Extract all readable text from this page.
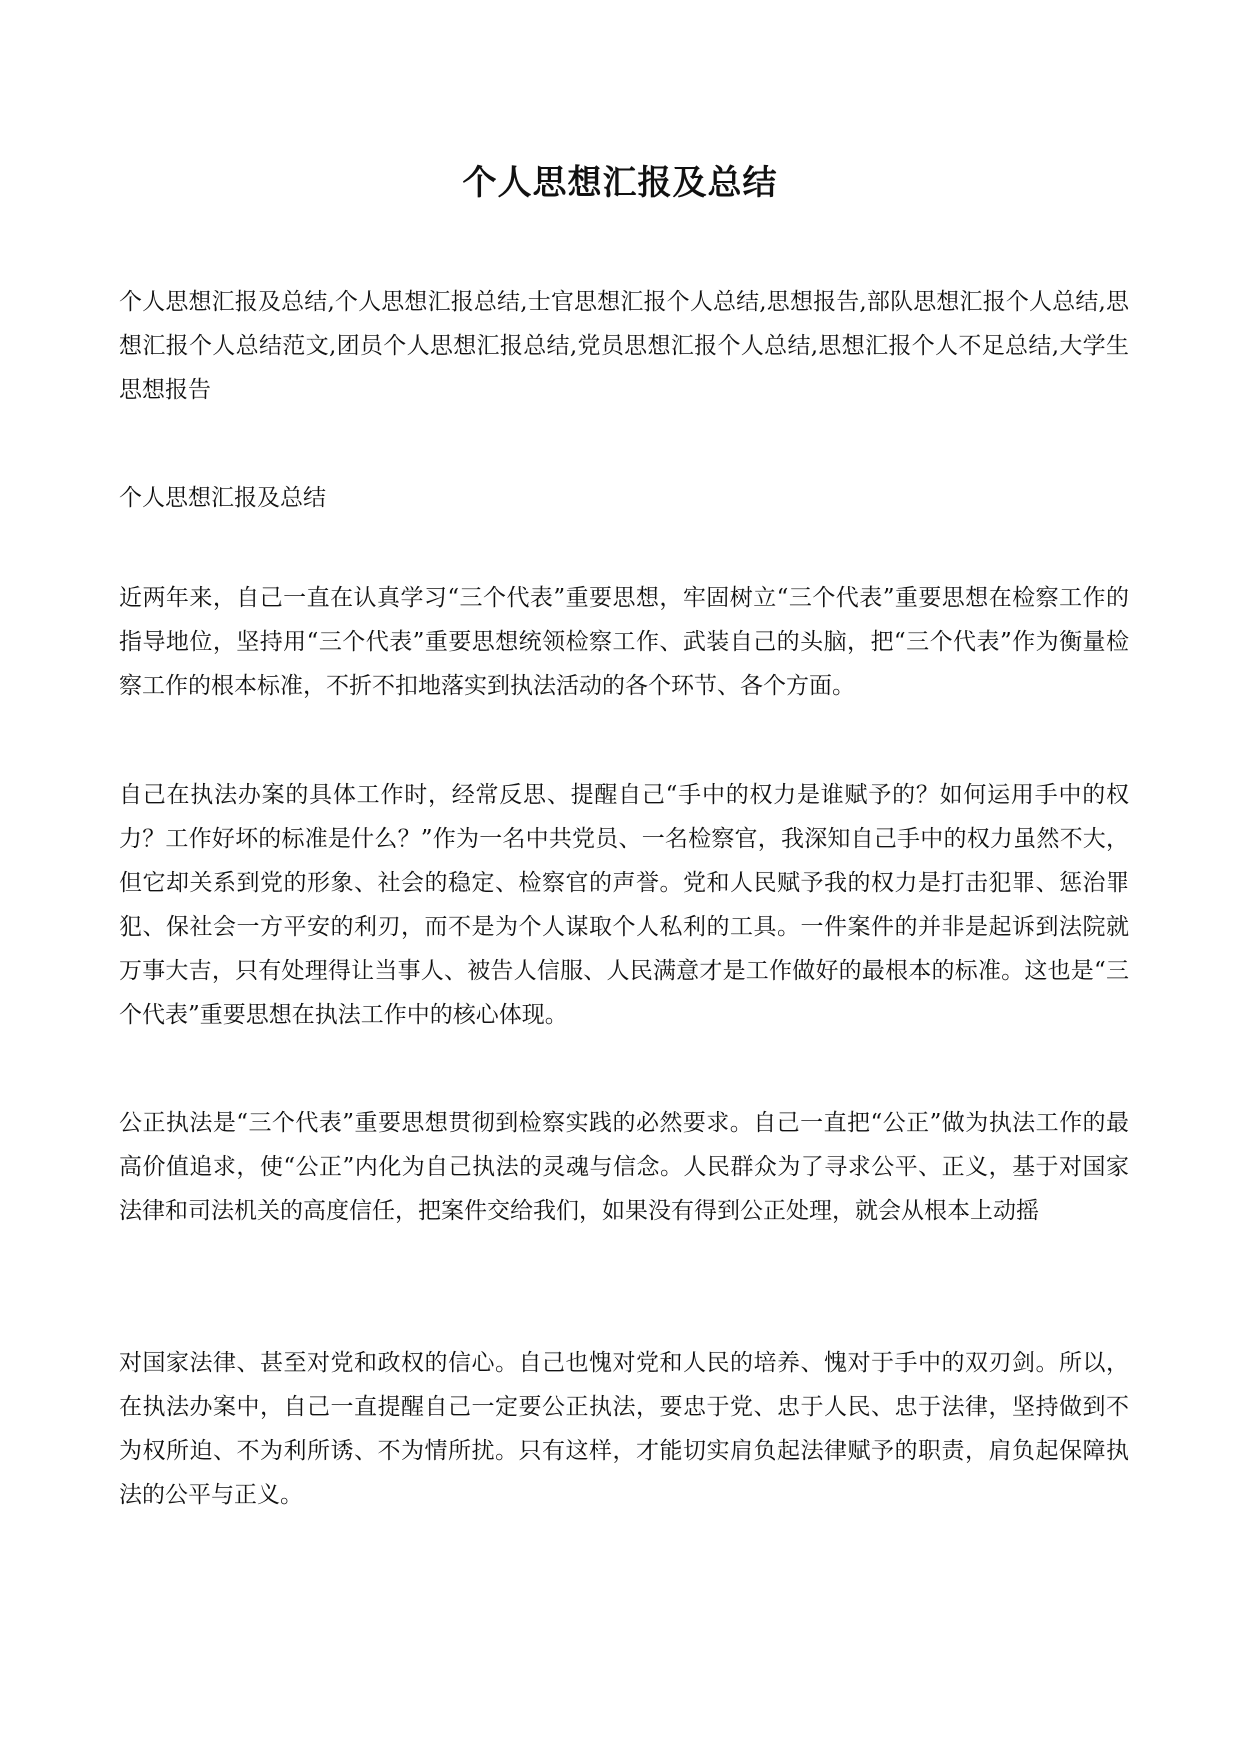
个人思想汇报及总结

个人思想汇报及总结,个人思想汇报总结,士官思想汇报个人总结,思想报告,部队思想汇报个人总结,思想汇报个人总结范文,团员个人思想汇报总结,党员思想汇报个人总结,思想汇报个人不足总结,大学生思想报告

个人思想汇报及总结

近两年来，自己一直在认真学习“三个代表”重要思想，牢固树立“三个代表”重要思想在检察工作的指导地位，坚持用“三个代表”重要思想统领检察工作、武装自己的头脑，把“三个代表”作为衡量检察工作的根本标准，不折不扣地落实到执法活动的各个环节、各个方面。

自己在执法办案的具体工作时，经常反思、提醒自己“手中的权力是谁赋予的？如何运用手中的权力？工作好坏的标准是什么？”作为一名中共党员、一名检察官，我深知自己手中的权力虽然不大，但它却关系到党的形象、社会的稳定、检察官的声誉。党和人民赋予我的权力是打击犯罪、惩治罪犯、保社会一方平安的利刃，而不是为个人谋取个人私利的工具。一件案件的并非是起诉到法院就万事大吉，只有处理得让当事人、被告人信服、人民满意才是工作做好的最根本的标准。这也是“三个代表”重要思想在执法工作中的核心体现。

公正执法是“三个代表”重要思想贯彻到检察实践的必然要求。自己一直把“公正”做为执法工作的最高价值追求，使“公正”内化为自己执法的灵魂与信念。人民群众为了寻求公平、正义，基于对国家法律和司法机关的高度信任，把案件交给我们，如果没有得到公正处理，就会从根本上动摇

对国家法律、甚至对党和政权的信心。自己也愧对党和人民的培养、愧对于手中的双刃剑。所以，在执法办案中，自己一直提醒自己一定要公正执法，要忠于党、忠于人民、忠于法律，坚持做到不为权所迫、不为利所诱、不为情所扰。只有这样，才能切实肩负起法律赋予的职责，肩负起保障执法的公平与正义。
